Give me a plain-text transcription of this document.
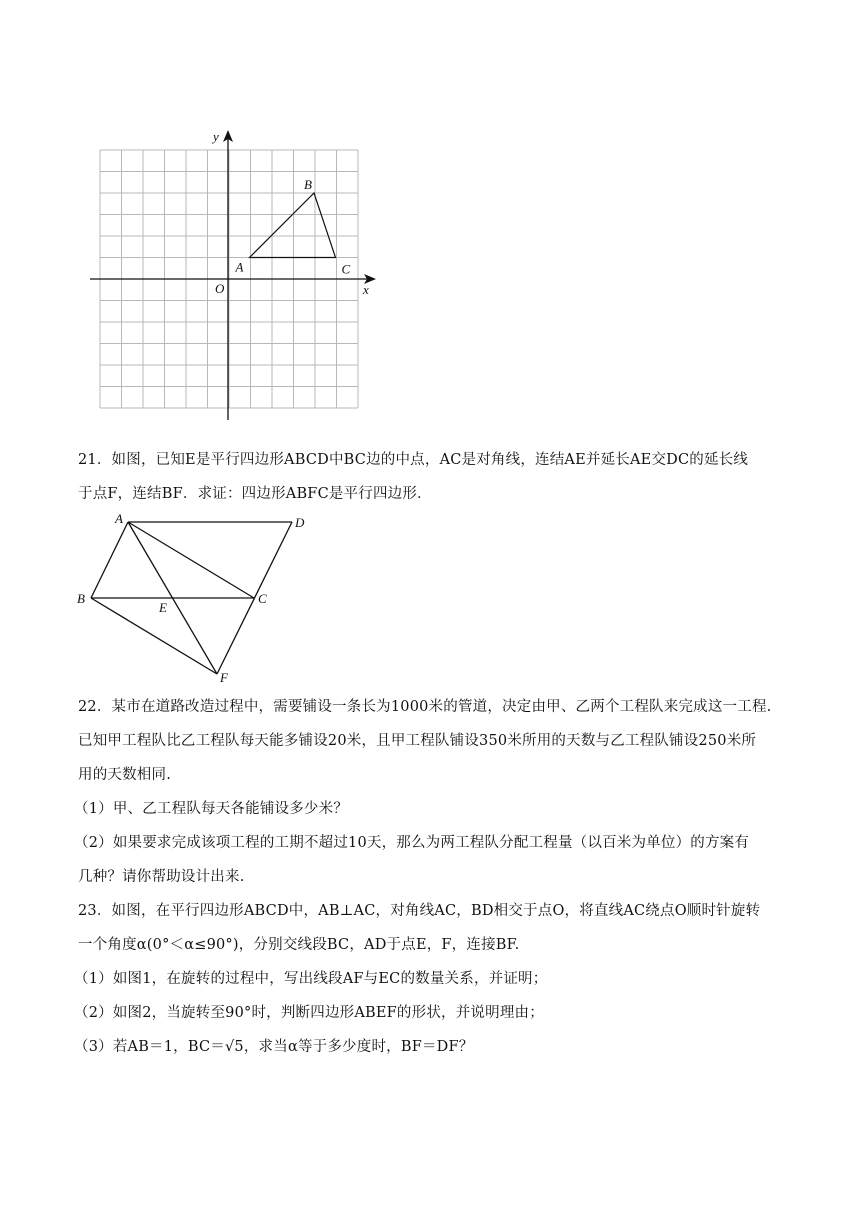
x
y
O
A
B
C

21．如图，已知E是平行四边形ABCD中BC边的中点，AC是对角线，连结AE并延长AE交DC的延长线

于点F，连结BF．求证：四边形ABFC是平行四边形．

A	D
B	C
E
F

22．某市在道路改造过程中，需要铺设一条长为1000米的管道，决定由甲、乙两个工程队来完成这一工程.

已知甲工程队比乙工程队每天能多铺设20米，且甲工程队铺设350米所用的天数与乙工程队铺设250米所

用的天数相同.

（1）甲、乙工程队每天各能铺设多少米？

（2）如果要求完成该项工程的工期不超过10天，那么为两工程队分配工程量（以百米为单位）的方案有

几种？请你帮助设计出来.

23．如图，在平行四边形ABCD中，AB⊥AC，对角线AC，BD相交于点O，将直线AC绕点O顺时针旋转

一个角度α(0°＜α≤90°)，分别交线段BC，AD于点E，F，连接BF.

（1）如图1，在旋转的过程中，写出线段AF与EC的数量关系，并证明；

（2）如图2，当旋转至90°时，判断四边形ABEF的形状，并说明理由；

（3）若AB＝1，BC＝√5，求当α等于多少度时，BF＝DF？
